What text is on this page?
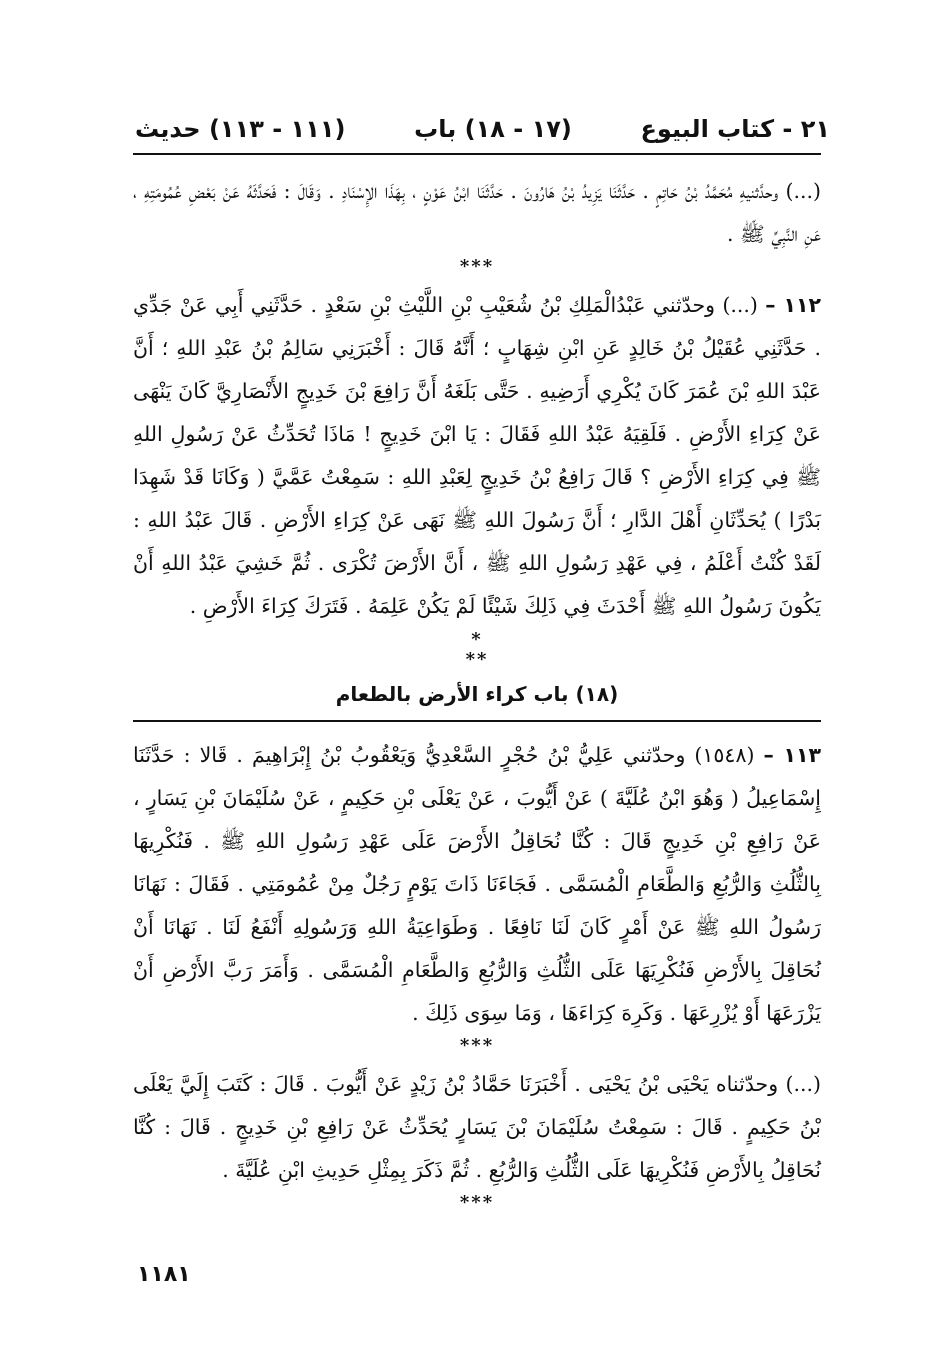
٢١ - كتاب البيوع
(١٧ - ١٨) باب
(١١١ - ١١٣) حديث

(...) وحدَّثنيهِ مُحَمَّدُ بْنُ حَاتِمٍ . حَدَّثَنَا يَزِيدُ بْنُ هَارُونَ . حَدَّثَنَا ابْنُ عَوْنٍ ، بِهَذَا الإِسْنَادِ . وَقَالَ : فَحَدَّثَهُ عَنْ بَعْضِ عُمُومَتِهِ ، عَنِ النَّبِيِّ ﷺ .

***

١١٢ – (...) وحدّثني عَبْدُالْمَلِكِ بْنُ شُعَيْبِ بْنِ اللَّيْثِ بْنِ سَعْدٍ . حَدَّثَنِي أَبِي عَنْ جَدِّي . حَدَّثَنِي عُقَيْلُ بْنُ خَالِدٍ عَنِ ابْنِ شِهَابٍ ؛ أَنَّهُ قَالَ : أَخْبَرَنِي سَالِمُ بْنُ عَبْدِ اللهِ ؛ أَنَّ عَبْدَ اللهِ بْنَ عُمَرَ كَانَ يُكْرِي أَرَضِيهِ . حَتَّى بَلَغَهُ أَنَّ رَافِعَ بْنَ خَدِيجٍ الأَنْصَارِيَّ كَانَ يَنْهَى عَنْ كِرَاءِ الأَرْضِ . فَلَقِيَهُ عَبْدُ اللهِ فَقَالَ : يَا ابْنَ خَدِيجٍ ! مَاذَا تُحَدِّثُ عَنْ رَسُولِ اللهِ ﷺ فِي كِرَاءِ الأَرْضِ ؟ قَالَ رَافِعُ بْنُ خَدِيجٍ لِعَبْدِ اللهِ : سَمِعْتُ عَمَّيَّ ( وَكَانَا قَدْ شَهِدَا بَدْرًا ) يُحَدِّثَانِ أَهْلَ الدَّارِ ؛ أَنَّ رَسُولَ اللهِ ﷺ نَهَى عَنْ كِرَاءِ الأَرْضِ . قَالَ عَبْدُ اللهِ : لَقَدْ كُنْتُ أَعْلَمُ ، فِي عَهْدِ رَسُولِ اللهِ ﷺ ، أَنَّ الأَرْضَ تُكْرَى . ثُمَّ خَشِيَ عَبْدُ اللهِ أَنْ يَكُونَ رَسُولُ اللهِ ﷺ أَحْدَثَ فِي ذَلِكَ شَيْئًا لَمْ يَكُنْ عَلِمَهُ . فَتَرَكَ كِرَاءَ الأَرْضِ .

*
**
(١٨) باب كراء الأرض بالطعام

١١٣ – (١٥٤٨) وحدّثني عَلِيُّ بْنُ حُجْرٍ السَّعْدِيُّ وَيَعْقُوبُ بْنُ إِبْرَاهِيمَ . قَالا : حَدَّثَنَا إِسْمَاعِيلُ ( وَهُوَ ابْنُ عُلَيَّةَ ) عَنْ أَيُّوبَ ، عَنْ يَعْلَى بْنِ حَكِيمٍ ، عَنْ سُلَيْمَانَ بْنِ يَسَارٍ ، عَنْ رَافِعِ بْنِ خَدِيجٍ قَالَ : كُنَّا نُحَاقِلُ الأَرْضَ عَلَى عَهْدِ رَسُولِ اللهِ ﷺ . فَنُكْرِيهَا بِالثُّلُثِ وَالرُّبُعِ وَالطَّعَامِ الْمُسَمَّى . فَجَاءَنَا ذَاتَ يَوْمٍ رَجُلٌ مِنْ عُمُومَتِي . فَقَالَ : نَهَانَا رَسُولُ اللهِ ﷺ عَنْ أَمْرٍ كَانَ لَنَا نَافِعًا . وَطَوَاعِيَةُ اللهِ وَرَسُولِهِ أَنْفَعُ لَنَا . نَهَانَا أَنْ نُحَاقِلَ بِالأَرْضِ فَنُكْرِيَهَا عَلَى الثُّلُثِ وَالرُّبُعِ وَالطَّعَامِ الْمُسَمَّى . وَأَمَرَ رَبَّ الأَرْضِ أَنْ يَزْرَعَهَا أَوْ يُزْرِعَهَا . وَكَرِهَ كِرَاءَهَا ، وَمَا سِوَى ذَلِكَ .

***

(...) وحدّثناه يَحْيَى بْنُ يَحْيَى . أَخْبَرَنَا حَمَّادُ بْنُ زَيْدٍ عَنْ أَيُّوبَ . قَالَ : كَتَبَ إِلَيَّ يَعْلَى بْنُ حَكِيمٍ . قَالَ : سَمِعْتُ سُلَيْمَانَ بْنَ يَسَارٍ يُحَدِّثُ عَنْ رَافِعِ بْنِ خَدِيجٍ . قَالَ : كُنَّا نُحَاقِلُ بِالأَرْضِ فَنُكْرِيهَا عَلَى الثُّلُثِ وَالرُّبُعِ . ثُمَّ ذَكَرَ بِمِثْلِ حَدِيثِ ابْنِ عُلَيَّةَ .

***
١١٨١
